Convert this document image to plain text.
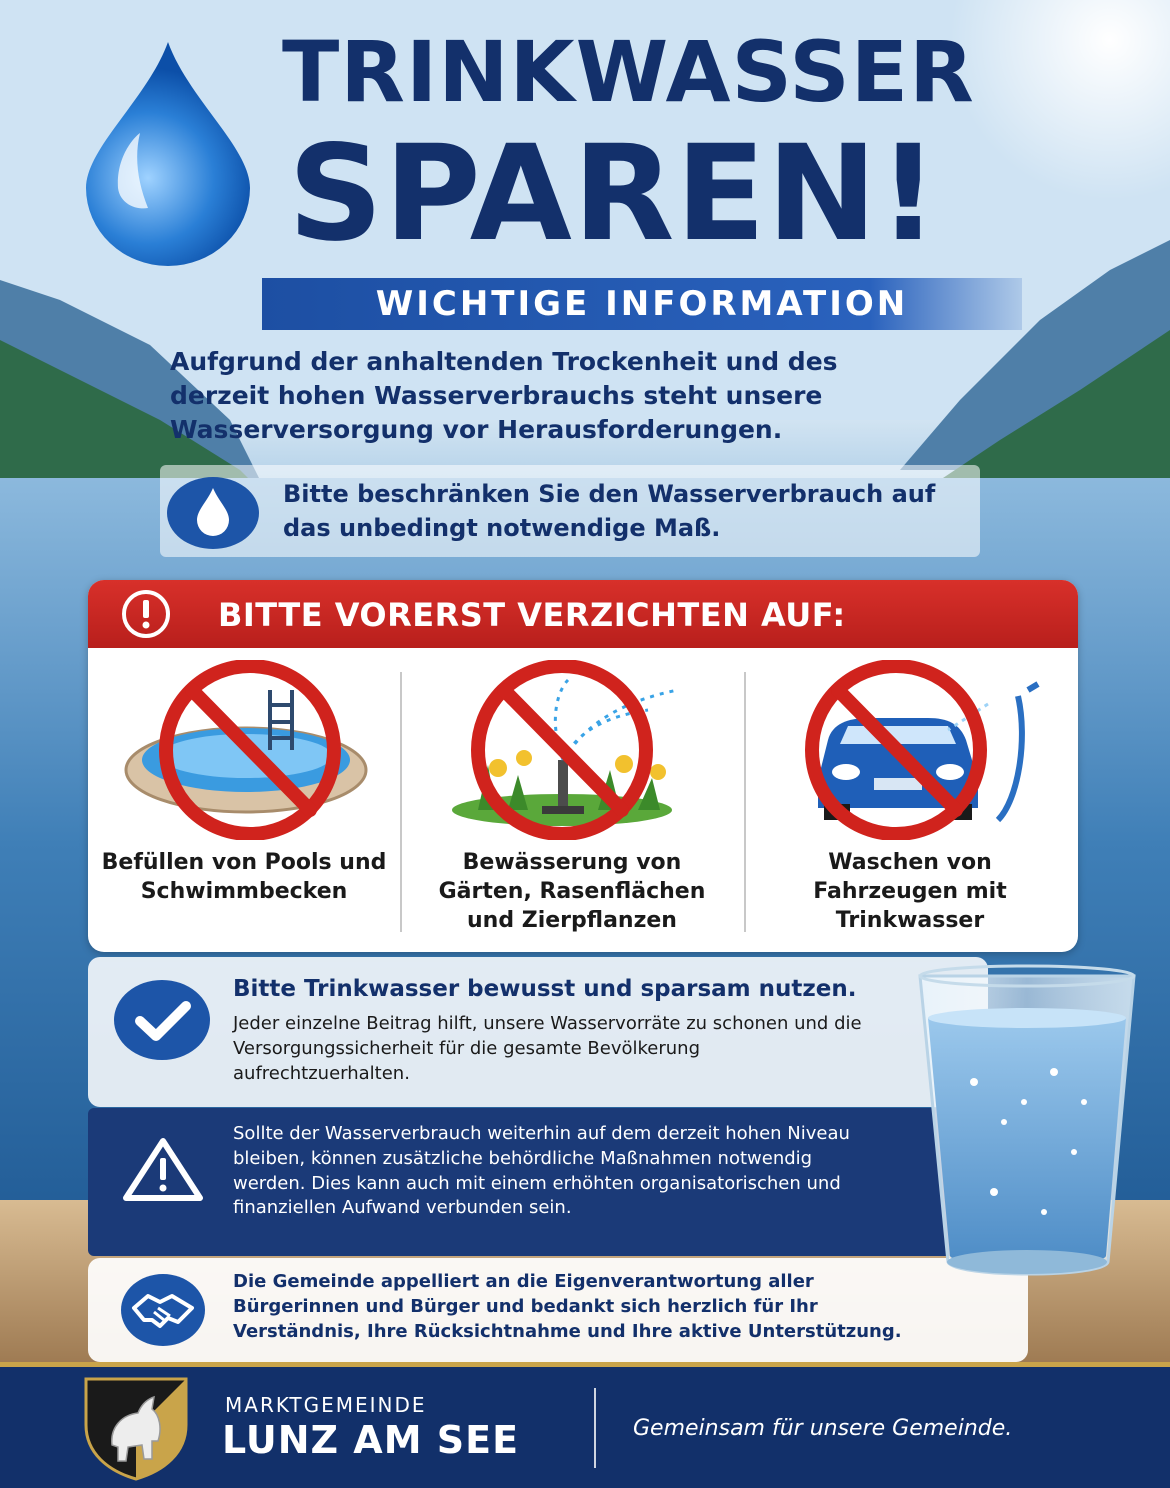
TRINKWASSER
SPAREN!
WICHTIGE INFORMATION
Aufgrund der anhaltenden Trockenheit und des derzeit hohen Wasserverbrauchs steht unsere Wasserversorgung vor Herausforderungen.
Bitte beschränken Sie den Wasserverbrauch auf das unbedingt notwendige Maß.
BITTE VORERST VERZICHTEN AUF:
Befüllen von Pools und Schwimmbecken
Bewässerung von Gärten, Rasenflächen und Zierpflanzen
Waschen von Fahrzeugen mit Trinkwasser
Bitte Trinkwasser bewusst und sparsam nutzen.
Jeder einzelne Beitrag hilft, unsere Wasservorräte zu schonen und die Versorgungssicherheit für die gesamte Bevölkerung aufrechtzuerhalten.
Sollte der Wasserverbrauch weiterhin auf dem derzeit hohen Niveau bleiben, können zusätzliche behördliche Maßnahmen notwendig werden. Dies kann auch mit einem erhöhten organisatorischen und finanziellen Aufwand verbunden sein.
Die Gemeinde appelliert an die Eigenverantwortung aller Bürgerinnen und Bürger und bedankt sich herzlich für Ihr Verständnis, Ihre Rücksichtnahme und Ihre aktive Unterstützung.
MARKTGEMEINDE
LUNZ AM SEE	Gemeinsam für unsere Gemeinde.
